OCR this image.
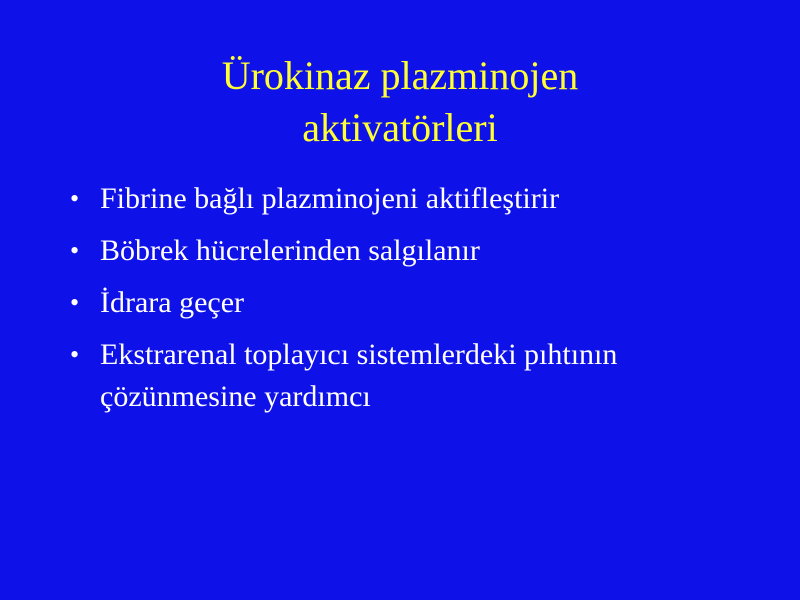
Ürokinaz plazminojen
aktivatörleri
• Fibrine bağlı plazminojeni aktifleştirir
• Böbrek hücrelerinden salgılanır
• İdrara geçer
• Ekstrarenal toplayıcı sistemlerdeki pıhtının çözünmesine yardımcı
